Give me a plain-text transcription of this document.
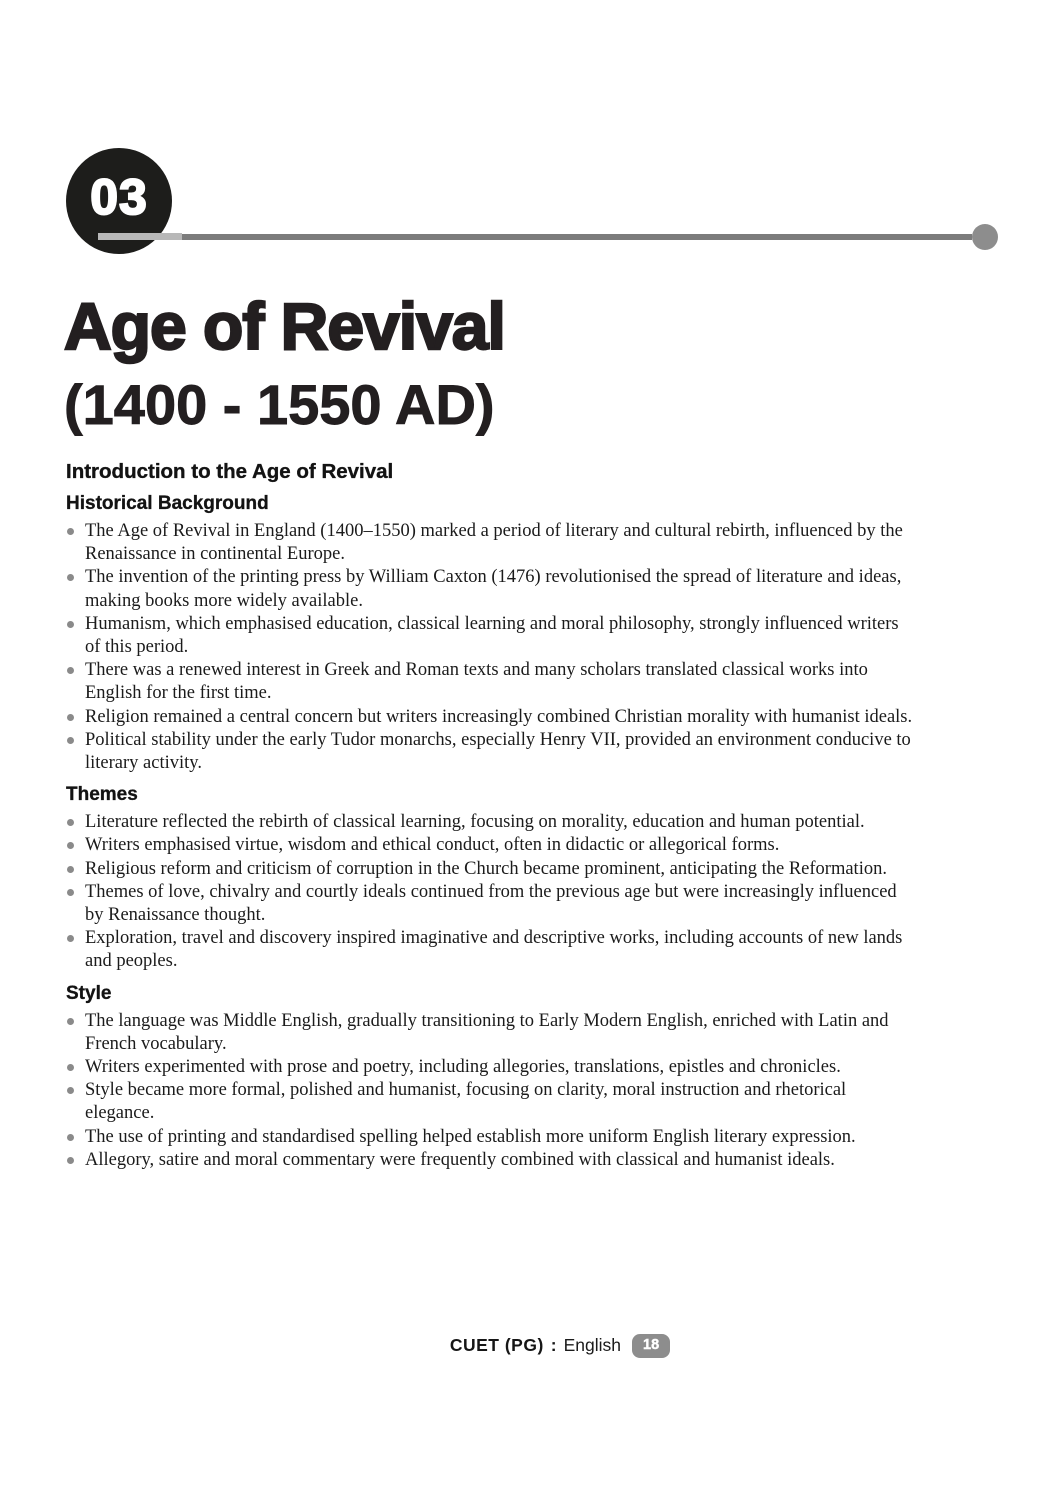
03
Age of Revival
(1400 - 1550 AD)
Introduction to the Age of Revival
Historical Background
The Age of Revival in England (1400–1550) marked a period of literary and cultural rebirth, influenced by the Renaissance in continental Europe.
The invention of the printing press by William Caxton (1476) revolutionised the spread of literature and ideas, making books more widely available.
Humanism, which emphasised education, classical learning and moral philosophy, strongly influenced writers of this period.
There was a renewed interest in Greek and Roman texts and many scholars translated classical works into English for the first time.
Religion remained a central concern but writers increasingly combined Christian morality with humanist ideals.
Political stability under the early Tudor monarchs, especially Henry VII, provided an environment conducive to literary activity.
Themes
Literature reflected the rebirth of classical learning, focusing on morality, education and human potential.
Writers emphasised virtue, wisdom and ethical conduct, often in didactic or allegorical forms.
Religious reform and criticism of corruption in the Church became prominent, anticipating the Reformation.
Themes of love, chivalry and courtly ideals continued from the previous age but were increasingly influenced by Renaissance thought.
Exploration, travel and discovery inspired imaginative and descriptive works, including accounts of new lands and peoples.
Style
The language was Middle English, gradually transitioning to Early Modern English, enriched with Latin and French vocabulary.
Writers experimented with prose and poetry, including allegories, translations, epistles and chronicles.
Style became more formal, polished and humanist, focusing on clarity, moral instruction and rhetorical elegance.
The use of printing and standardised spelling helped establish more uniform English literary expression.
Allegory, satire and moral commentary were frequently combined with classical and humanist ideals.
CUET (PG) : English	18
